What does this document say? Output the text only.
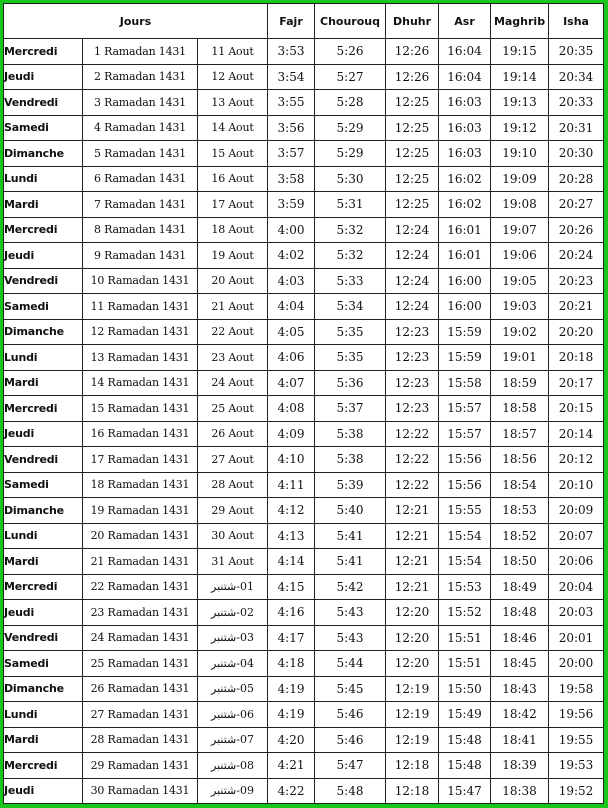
Jours			Fajr	Chourouq	Dhuhr	Asr	Maghrib	Isha
Mercredi	1 Ramadan 1431	11 Aout	3:53	5:26	12:26	16:04	19:15	20:35
Jeudi	2 Ramadan 1431	12 Aout	3:54	5:27	12:26	16:04	19:14	20:34
Vendredi	3 Ramadan 1431	13 Aout	3:55	5:28	12:25	16:03	19:13	20:33
Samedi	4 Ramadan 1431	14 Aout	3:56	5:29	12:25	16:03	19:12	20:31
Dimanche	5 Ramadan 1431	15 Aout	3:57	5:29	12:25	16:03	19:10	20:30
Lundi	6 Ramadan 1431	16 Aout	3:58	5:30	12:25	16:02	19:09	20:28
Mardi	7 Ramadan 1431	17 Aout	3:59	5:31	12:25	16:02	19:08	20:27
Mercredi	8 Ramadan 1431	18 Aout	4:00	5:32	12:24	16:01	19:07	20:26
Jeudi	9 Ramadan 1431	19 Aout	4:02	5:32	12:24	16:01	19:06	20:24
Vendredi	10 Ramadan 1431	20 Aout	4:03	5:33	12:24	16:00	19:05	20:23
Samedi	11 Ramadan 1431	21 Aout	4:04	5:34	12:24	16:00	19:03	20:21
Dimanche	12 Ramadan 1431	22 Aout	4:05	5:35	12:23	15:59	19:02	20:20
Lundi	13 Ramadan 1431	23 Aout	4:06	5:35	12:23	15:59	19:01	20:18
Mardi	14 Ramadan 1431	24 Aout	4:07	5:36	12:23	15:58	18:59	20:17
Mercredi	15 Ramadan 1431	25 Aout	4:08	5:37	12:23	15:57	18:58	20:15
Jeudi	16 Ramadan 1431	26 Aout	4:09	5:38	12:22	15:57	18:57	20:14
Vendredi	17 Ramadan 1431	27 Aout	4:10	5:38	12:22	15:56	18:56	20:12
Samedi	18 Ramadan 1431	28 Aout	4:11	5:39	12:22	15:56	18:54	20:10
Dimanche	19 Ramadan 1431	29 Aout	4:12	5:40	12:21	15:55	18:53	20:09
Lundi	20 Ramadan 1431	30 Aout	4:13	5:41	12:21	15:54	18:52	20:07
Mardi	21 Ramadan 1431	31 Aout	4:14	5:41	12:21	15:54	18:50	20:06
Mercredi	22 Ramadan 1431	01-شتنبر	4:15	5:42	12:21	15:53	18:49	20:04
Jeudi	23 Ramadan 1431	02-شتنبر	4:16	5:43	12:20	15:52	18:48	20:03
Vendredi	24 Ramadan 1431	03-شتنبر	4:17	5:43	12:20	15:51	18:46	20:01
Samedi	25 Ramadan 1431	04-شتنبر	4:18	5:44	12:20	15:51	18:45	20:00
Dimanche	26 Ramadan 1431	05-شتنبر	4:19	5:45	12:19	15:50	18:43	19:58
Lundi	27 Ramadan 1431	06-شتنبر	4:19	5:46	12:19	15:49	18:42	19:56
Mardi	28 Ramadan 1431	07-شتنبر	4:20	5:46	12:19	15:48	18:41	19:55
Mercredi	29 Ramadan 1431	08-شتنبر	4:21	5:47	12:18	15:48	18:39	19:53
Jeudi	30 Ramadan 1431	09-شتنبر	4:22	5:48	12:18	15:47	18:38	19:52
